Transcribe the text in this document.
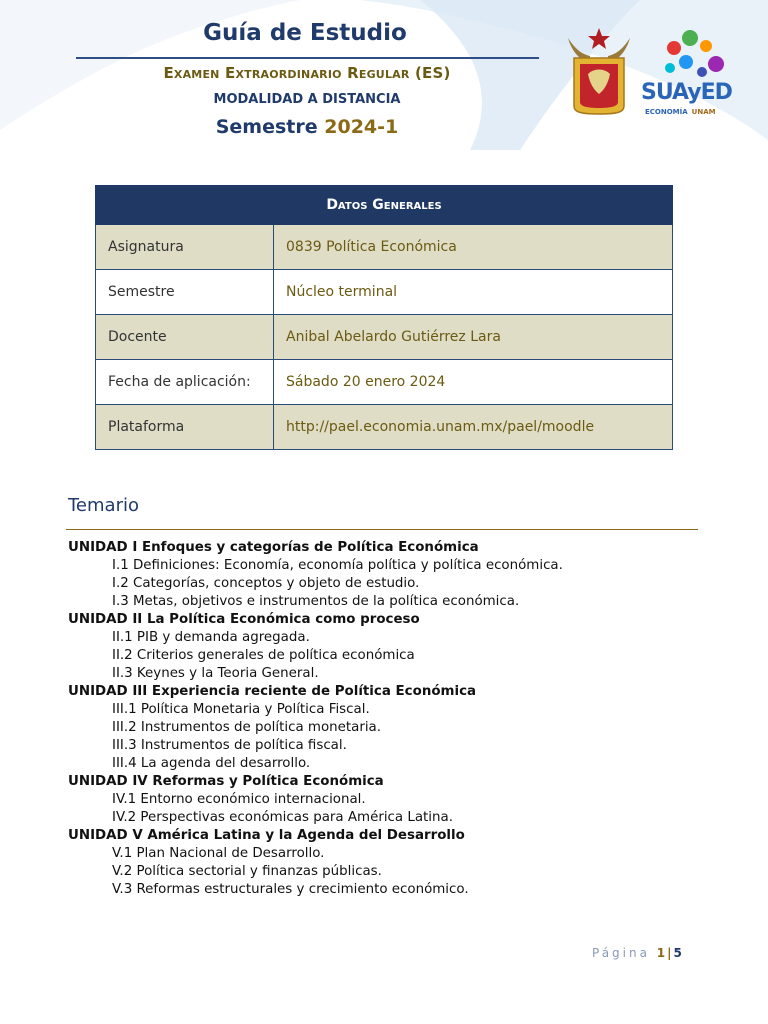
Guía de Estudio
Examen Extraordinario Regular (ES)
MODALIDAD A DISTANCIA
Semestre 2024-1
SUAyED
ECONOMÍA UNAM
Datos Generales	
Asignatura	0839 Política Económica
Semestre	Núcleo terminal
Docente	Anibal Abelardo Gutiérrez Lara
Fecha de aplicación:	Sábado 20 enero 2024
Plataforma	http://pael.economia.unam.mx/pael/moodle
Temario
UNIDAD I Enfoques y categorías de Política Económica
I.1 Definiciones: Economía, economía política y política económica.
I.2 Categorías, conceptos y objeto de estudio.
I.3 Metas, objetivos e instrumentos de la política económica.
UNIDAD II La Política Económica como proceso
II.1 PIB y demanda agregada.
II.2 Criterios generales de política económica
II.3 Keynes y la Teoria General.
UNIDAD III Experiencia reciente de Política Económica
III.1 Política Monetaria y Política Fiscal.
III.2 Instrumentos de política monetaria.
III.3 Instrumentos de política fiscal.
III.4 La agenda del desarrollo.
UNIDAD IV Reformas y Política Económica
IV.1 Entorno económico internacional.
IV.2 Perspectivas económicas para América Latina.
UNIDAD V América Latina y la Agenda del Desarrollo
V.1 Plan Nacional de Desarrollo.
V.2 Política sectorial y finanzas públicas.
V.3 Reformas estructurales y crecimiento económico.
Página 1 | 5
